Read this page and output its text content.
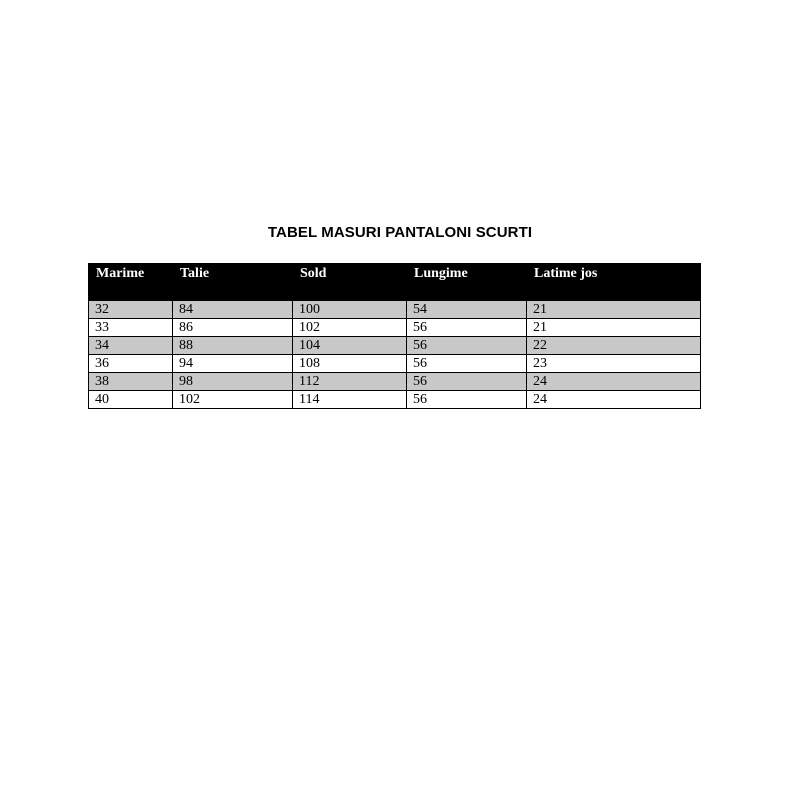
TABEL MASURI PANTALONI SCURTI
Marime	Talie	Sold	Lungime	Latime jos
32	84	100	54	21
33	86	102	56	21
34	88	104	56	22
36	94	108	56	23
38	98	112	56	24
40	102	114	56	24
